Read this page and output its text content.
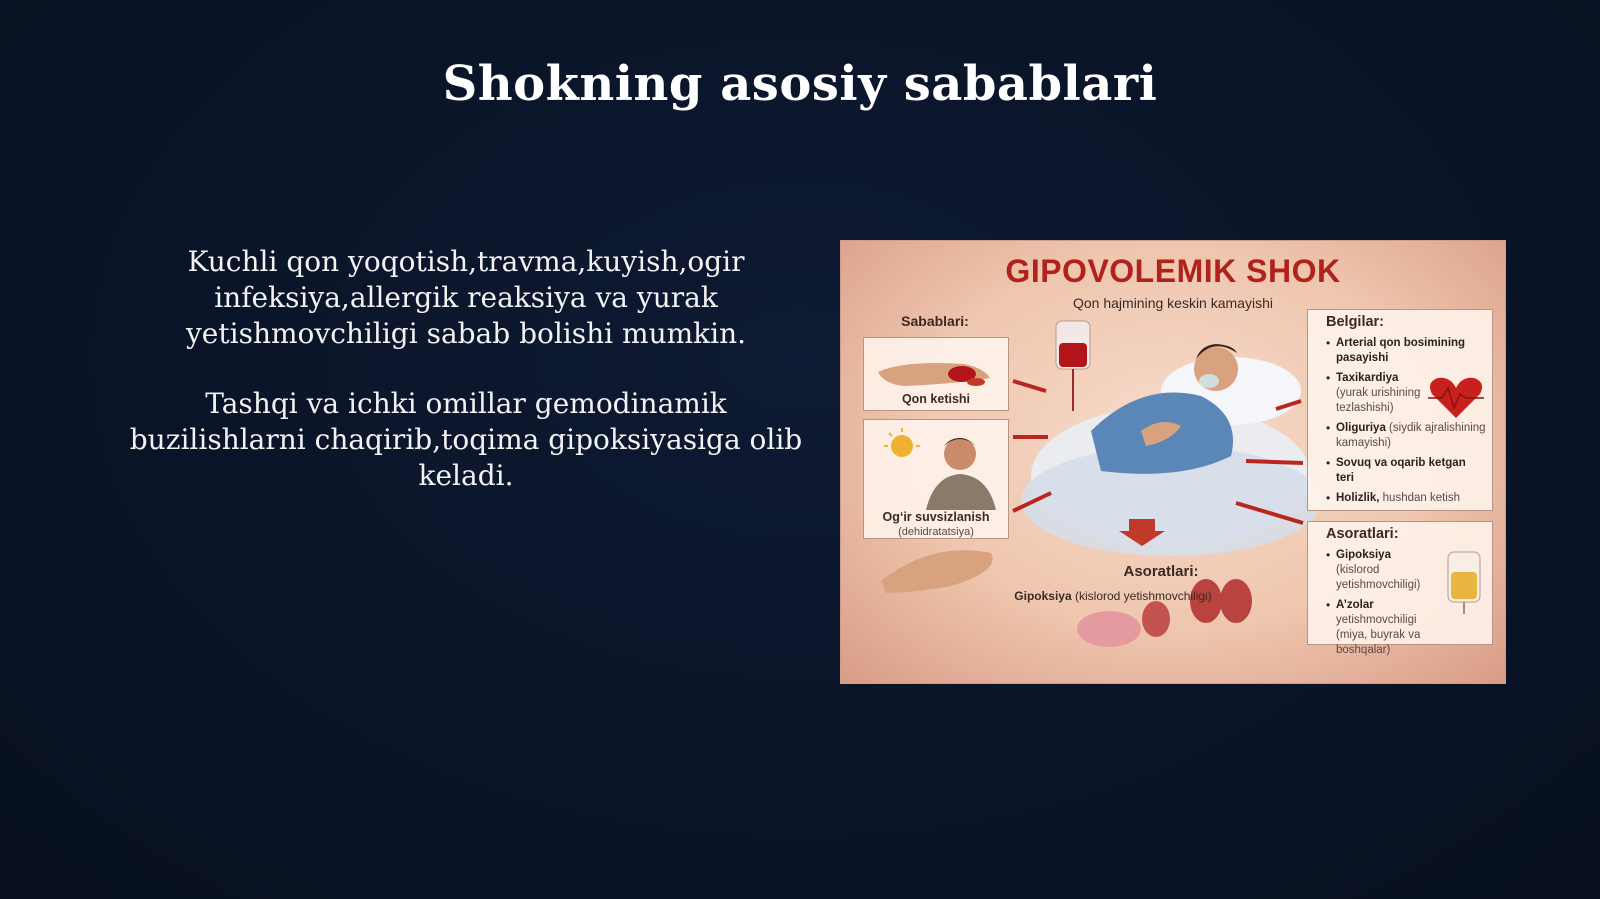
Shokning asosiy sabablari

Kuchli qon yoqotish,travma,kuyish,ogir infeksiya,allergik reaksiya va yurak yetishmovchiligi sabab bolishi mumkin.

Tashqi va ichki omillar gemodinamik buzilishlarni chaqirib,toqima gipoksiyasiga olib keladi.

GIPOVOLEMIK SHOK
Qon hajmining keskin kamayishi
Sabablari:
Qon ketishi
Og‘ir suvsizlanish
(dehidratatsiya)
Belgilar:
• Arterial qon bosimining pasayishi
• Taxikardiya (yurak urishining tezlashishi)
• Oliguriya (siydik ajralishining kamayishi)
• Sovuq va oqarib ketgan teri
• Holizlik, hushdan ketish
Asoratlari:
• Gipoksiya (kislorod yetishmovchiligi)
• A’zolar yetishmovchiligi (miya, buyrak va boshqalar)
Asoratlari:
Gipoksiya (kislorod yetishmovchiligi)
